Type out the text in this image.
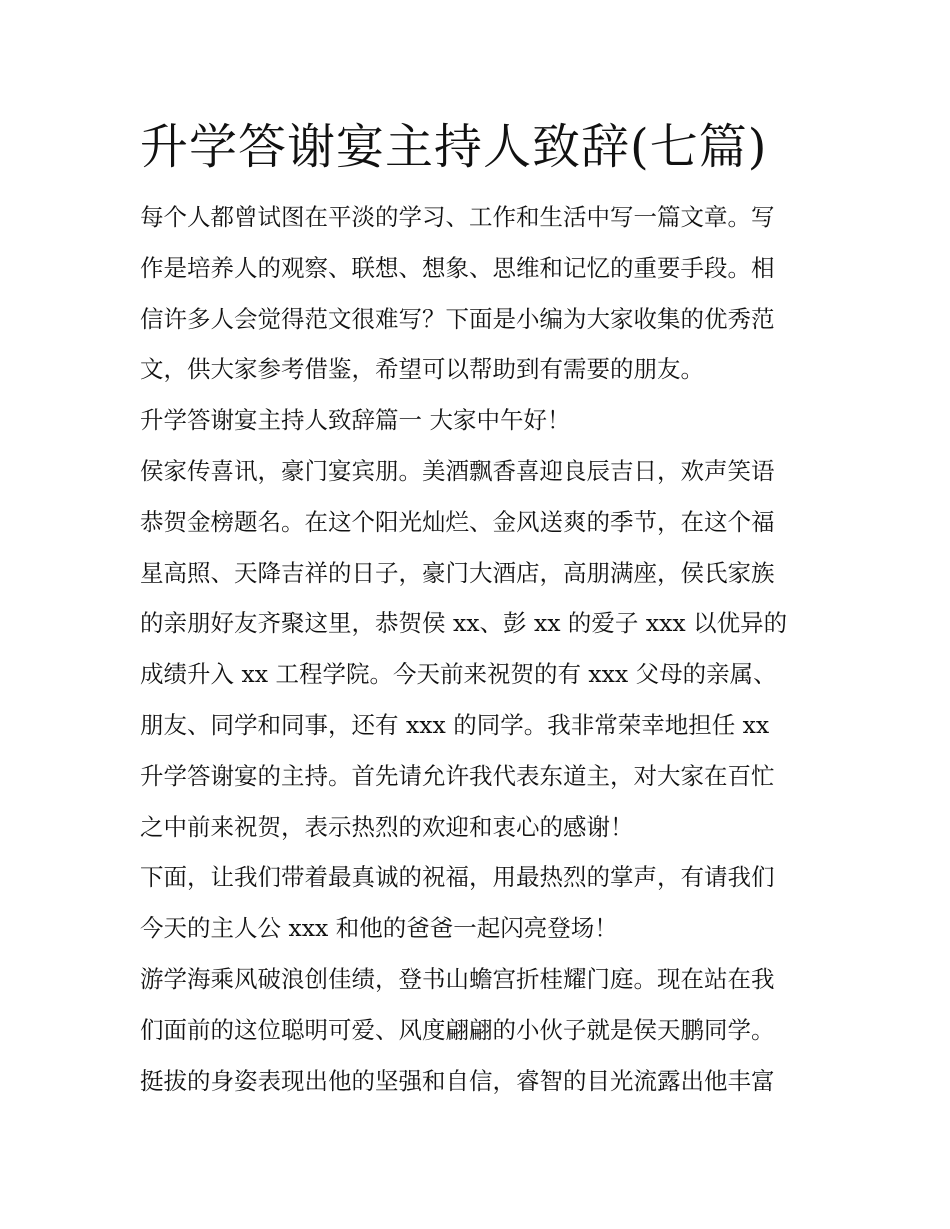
升学答谢宴主持人致辞(七篇)

每个人都曾试图在平淡的学习、工作和生活中写一篇文章。写

作是培养人的观察、联想、想象、思维和记忆的重要手段。相

信许多人会觉得范文很难写？下面是小编为大家收集的优秀范

文，供大家参考借鉴，希望可以帮助到有需要的朋友。

升学答谢宴主持人致辞篇一 大家中午好！

侯家传喜讯，豪门宴宾朋。美酒飘香喜迎良辰吉日，欢声笑语

恭贺金榜题名。在这个阳光灿烂、金风送爽的季节，在这个福

星高照、天降吉祥的日子，豪门大酒店，高朋满座，侯氏家族

的亲朋好友齐聚这里，恭贺侯 xx、彭 xx 的爱子 xxx 以优异的

成绩升入 xx 工程学院。今天前来祝贺的有 xxx 父母的亲属、

朋友、同学和同事，还有 xxx 的同学。我非常荣幸地担任 xx

升学答谢宴的主持。首先请允许我代表东道主，对大家在百忙

之中前来祝贺，表示热烈的欢迎和衷心的感谢！

下面，让我们带着最真诚的祝福，用最热烈的掌声，有请我们

今天的主人公 xxx 和他的爸爸一起闪亮登场！

游学海乘风破浪创佳绩，登书山蟾宫折桂耀门庭。现在站在我

们面前的这位聪明可爱、风度翩翩的小伙子就是侯天鹏同学。

挺拔的身姿表现出他的坚强和自信，睿智的目光流露出他丰富
